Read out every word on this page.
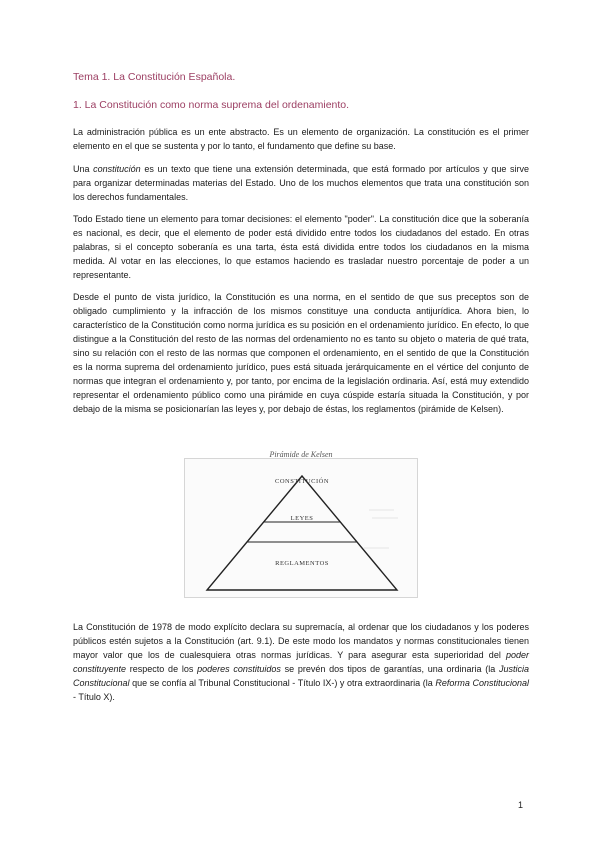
Tema 1. La Constitución Española.
1. La Constitución como norma suprema del ordenamiento.

La administración pública es un ente abstracto. Es un elemento de organización. La constitución es el primer elemento en el que se sustenta y por lo tanto, el fundamento que define su base.

Una constitución es un texto que tiene una extensión determinada, que está formado por artículos y que sirve para organizar determinadas materias del Estado. Uno de los muchos elementos que trata una constitución son los derechos fundamentales.

Todo Estado tiene un elemento para tomar decisiones: el elemento "poder". La constitución dice que la soberanía es nacional, es decir, que el elemento de poder está dividido entre todos los ciudadanos del estado. En otras palabras, si el concepto soberanía es una tarta, ésta está dividida entre todos los ciudadanos en la misma medida. Al votar en las elecciones, lo que estamos haciendo es trasladar nuestro porcentaje de poder a un representante.

Desde el punto de vista jurídico, la Constitución es una norma, en el sentido de que sus preceptos son de obligado cumplimiento y la infracción de los mismos constituye una conducta antijurídica. Ahora bien, lo característico de la Constitución como norma jurídica es su posición en el ordenamiento jurídico. En efecto, lo que distingue a la Constitución del resto de las normas del ordenamiento no es tanto su objeto o materia de qué trata, sino su relación con el resto de las normas que componen el ordenamiento, en el sentido de que la Constitución es la norma suprema del ordenamiento jurídico, pues está situada jerárquicamente en el vértice del conjunto de normas que integran el ordenamiento y, por tanto, por encima de la legislación ordinaria. Así, está muy extendido representar el ordenamiento público como una pirámide en cuya cúspide estaría situada la Constitución, y por debajo de la misma se posicionarían las leyes y, por debajo de éstas, los reglamentos (pirámide de Kelsen).

Pirámide de Kelsen
CONSTITUCIÓN
LEYES
REGLAMENTOS

La Constitución de 1978 de modo explícito declara su supremacía, al ordenar que los ciudadanos y los poderes públicos estén sujetos a la Constitución (art. 9.1). De este modo los mandatos y normas constitucionales tienen mayor valor que los de cualesquiera otras normas jurídicas. Y para asegurar esta superioridad del poder constituyente respecto de los poderes constituidos se prevén dos tipos de garantías, una ordinaria (la Justicia Constitucional que se confía al Tribunal Constitucional - Título IX-) y otra extraordinaria (la Reforma Constitucional - Título X).

1
